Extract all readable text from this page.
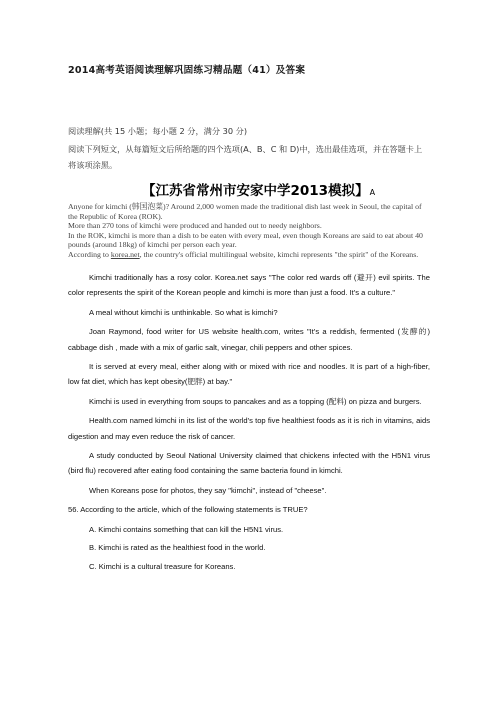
2014高考英语阅读理解巩固练习精品题（41）及答案
阅读理解(共 15 小题；每小题 2 分，满分 30 分)
阅读下列短文，从每篇短文后所给题的四个选项(A、B、C 和 D)中，选出最佳选项，并在答题卡上将该项涂黑。
【江苏省常州市安家中学2013模拟】A

Anyone for kimchi (韩国泡菜)? Around 2,000 women made the traditional dish last week in Seoul, the capital of the Republic of Korea (ROK).

More than 270 tons of kimchi were produced and handed out to needy neighbors.

In the ROK, kimchi is more than a dish to be eaten with every meal, even though Koreans are said to eat about 40 pounds (around 18kg) of kimchi per person each year.

According to korea.net, the country's official multilingual website, kimchi represents "the spirit" of the Koreans.

Kimchi traditionally has a rosy color. Korea.net says "The color red wards off (避开) evil spirits. The color represents the spirit of the Korean people and kimchi is more than just a food. It's a culture."

A meal without kimchi is unthinkable. So what is kimchi?

Joan Raymond, food writer for US website health.com, writes "It's a reddish, fermented (发酵的) cabbage dish , made with a mix of garlic salt, vinegar, chili peppers and other spices.

It is served at every meal, either along with or mixed with rice and noodles. It is part of a high-fiber, low fat diet, which has kept obesity(肥胖) at bay."

Kimchi is used in everything from soups to pancakes and as a topping (配料) on pizza and burgers.

Health.com named kimchi in its list of the world's top five healthiest foods as it is rich in vitamins, aids digestion and may even reduce the risk of cancer.

A study conducted by Seoul National University claimed that chickens infected with the H5N1 virus (bird flu) recovered after eating food containing the same bacteria found in kimchi.

When Koreans pose for photos, they say "kimchi", instead of "cheese".

56. According to the article, which of the following statements is TRUE?

A. Kimchi contains something that can kill the H5N1 virus.

B. Kimchi is rated as the healthiest food in the world.

C. Kimchi is a cultural treasure for Koreans.
